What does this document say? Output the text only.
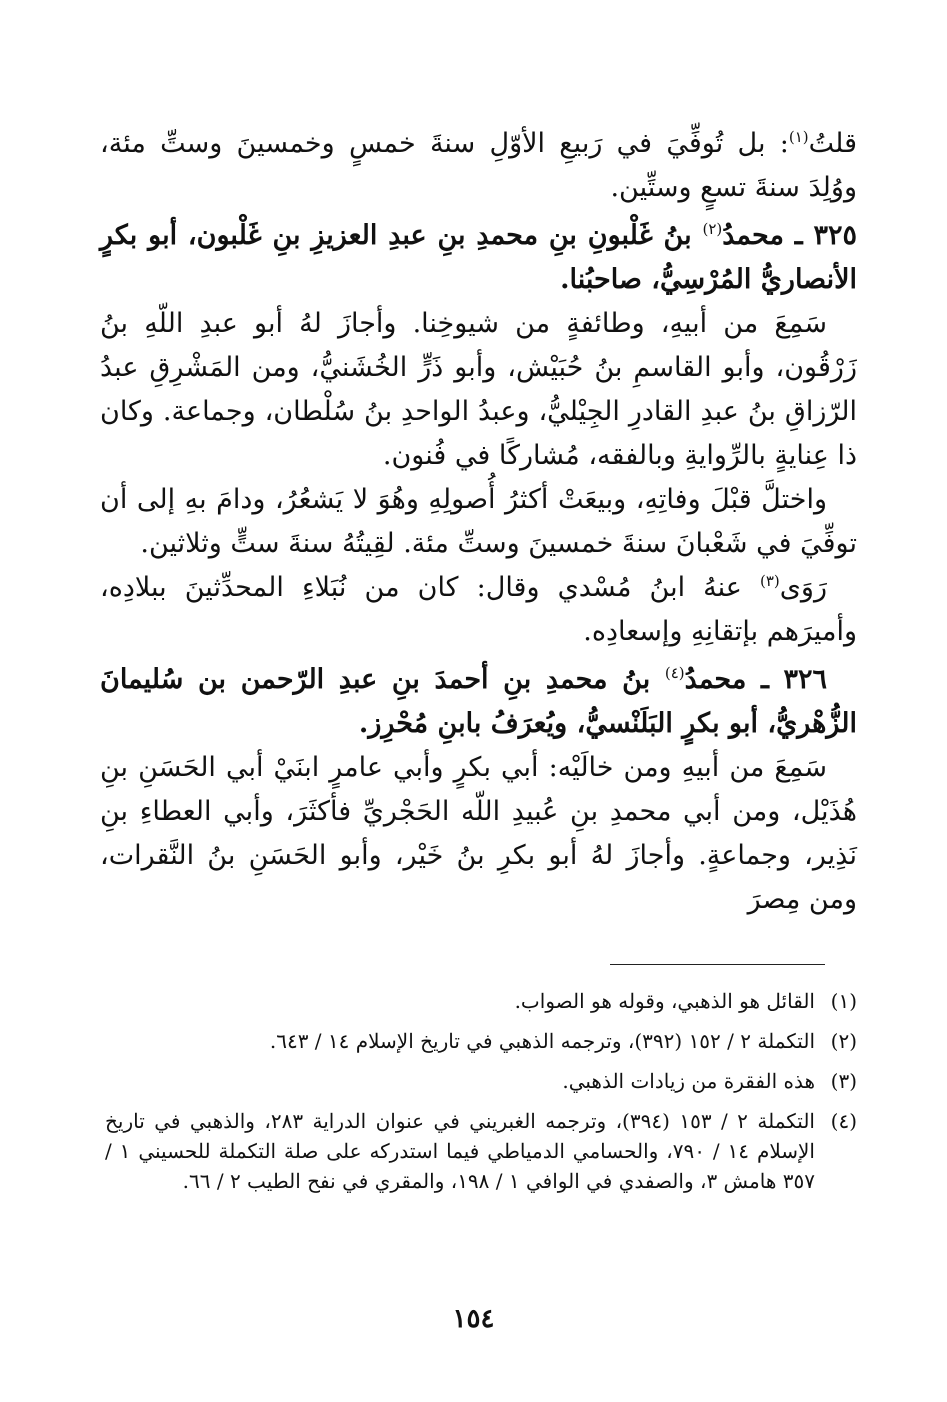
قلتُ$^{(١)}$: بل تُوفِّيَ في رَبيعِ الأوّلِ سنةَ خمسٍ وخمسينَ وستِّ مئة، ووُلِدَ سنةَ تسعٍ وستِّين.

٣٢٥ ـ محمدُ$^{(٢)}$ بنُ غَلْبونِ بنِ محمدِ بنِ عبدِ العزيزِ بنِ غَلْبون، أبو بكرٍ الأنصاريُّ المُرْسِيُّ، صاحبُنا.

سَمِعَ من أبيهِ، وطائفةٍ من شيوخِنا. وأجازَ لهُ أبو عبدِ اللّهِ بنُ زَرْقُون، وأبو القاسمِ بنُ حُبَيْش، وأبو ذَرٍّ الخُشَنيُّ، ومن المَشْرِقِ عبدُ الرّزاقِ بنُ عبدِ القادرِ الجِيْليُّ، وعبدُ الواحدِ بنُ سُلْطان، وجماعة. وكان ذا عِنايةٍ بالرِّوايةِ وبالفقه، مُشاركًا في فُنون.

واختلَّ قبْلَ وفاتِهِ، وبيعَتْ أكثرُ أُصولِهِ وهُوَ لا يَشعُرُ، ودامَ بهِ إلى أن توفِّيَ في شَعْبانَ سنةَ خمسينَ وستِّ مئة. لقِيتُهُ سنةَ ستٍّ وثلاثين.

رَوَى$^{(٣)}$ عنهُ ابنُ مُسْدي وقال: كان من نُبَلاءِ المحدِّثينَ ببلادِه، وأميرَهم بإتقانِهِ وإسعادِه.

٣٢٦ ـ محمدُ$^{(٤)}$ بنُ محمدِ بنِ أحمدَ بنِ عبدِ الرّحمن بن سُليمانَ الزُّهْريُّ، أبو بكرٍ البَلَنْسيُّ، ويُعرَفُ بابنِ مُحْرِز.

سَمِعَ من أبيهِ ومن خالَيْه: أبي بكرٍ وأبي عامرٍ ابنَيْ أبي الحَسَنِ بنِ هُذَيْل، ومن أبي محمدِ بنِ عُبيدِ اللّه الحَجْريِّ فأكثَرَ، وأبي العطاءِ بنِ نَذِير، وجماعةٍ. وأجازَ لهُ أبو بكرِ بنُ خَيْر، وأبو الحَسَنِ بنُ النَّقرات، ومن مِصرَ

(١)
القائل هو الذهبي، وقوله هو الصواب.
(٢)
التكملة ٢ / ١٥٢ (٣٩٢)، وترجمه الذهبي في تاريخ الإسلام ١٤ / ٦٤٣.
(٣)
هذه الفقرة من زيادات الذهبي.
(٤)
التكملة ٢ / ١٥٣ (٣٩٤)، وترجمه الغبريني في عنوان الدراية ٢٨٣، والذهبي في تاريخ الإسلام ١٤ / ٧٩٠، والحسامي الدمياطي فيما استدركه على صلة التكملة للحسيني ١ / ٣٥٧ هامش ٣، والصفدي في الوافي ١ / ١٩٨، والمقري في نفح الطيب ٢ / ٦٦.
١٥٤
